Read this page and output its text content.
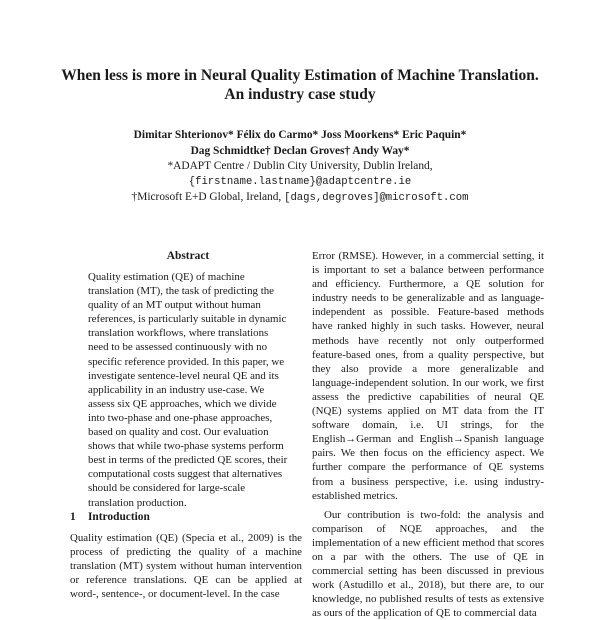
When less is more in Neural Quality Estimation of Machine Translation.
An industry case study
Dimitar Shterionov* Félix do Carmo* Joss Moorkens* Eric Paquin*
Dag Schmidtke† Declan Groves† Andy Way*
*ADAPT Centre / Dublin City University, Dublin Ireland,
{firstname.lastname}@adaptcentre.ie
†Microsoft E+D Global, Ireland, [dags,degroves]@microsoft.com
Abstract

Quality estimation (QE) of machine translation (MT), the task of predicting the quality of an MT output without human references, is particularly suitable in dynamic translation workflows, where translations need to be assessed continuously with no specific reference provided. In this paper, we investigate sentence-level neural QE and its applicability in an industry use-case. We assess six QE approaches, which we divide into two-phase and one-phase approaches, based on quality and cost. Our evaluation shows that while two-phase systems perform best in terms of the predicted QE scores, their computational costs suggest that alternatives should be considered for large-scale translation production.

1 Introduction

Quality estimation (QE) (Specia et al., 2009) is the process of predicting the quality of a machine translation (MT) system without human intervention or reference translations. QE can be applied at word-, sentence-, or document-level. In the case

Error (RMSE). However, in a commercial setting, it is important to set a balance between performance and efficiency. Furthermore, a QE solution for industry needs to be generalizable and as language-independent as possible. Feature-based methods have ranked highly in such tasks. However, neural methods have recently not only outperformed feature-based ones, from a quality perspective, but they also provide a more generalizable and language-independent solution. In our work, we first assess the predictive capabilities of neural QE (NQE) systems applied on MT data from the IT software domain, i.e. UI strings, for the English→German and English→Spanish language pairs. We then focus on the efficiency aspect. We further compare the performance of QE systems from a business perspective, i.e. using industry-established metrics.

Our contribution is two-fold: the analysis and comparison of NQE approaches, and the implementation of a new efficient method that scores on a par with the others. The use of QE in commercial setting has been discussed in previous work (Astudillo et al., 2018), but there are, to our knowledge, no published results of tests as extensive as ours of the application of QE to commercial data
